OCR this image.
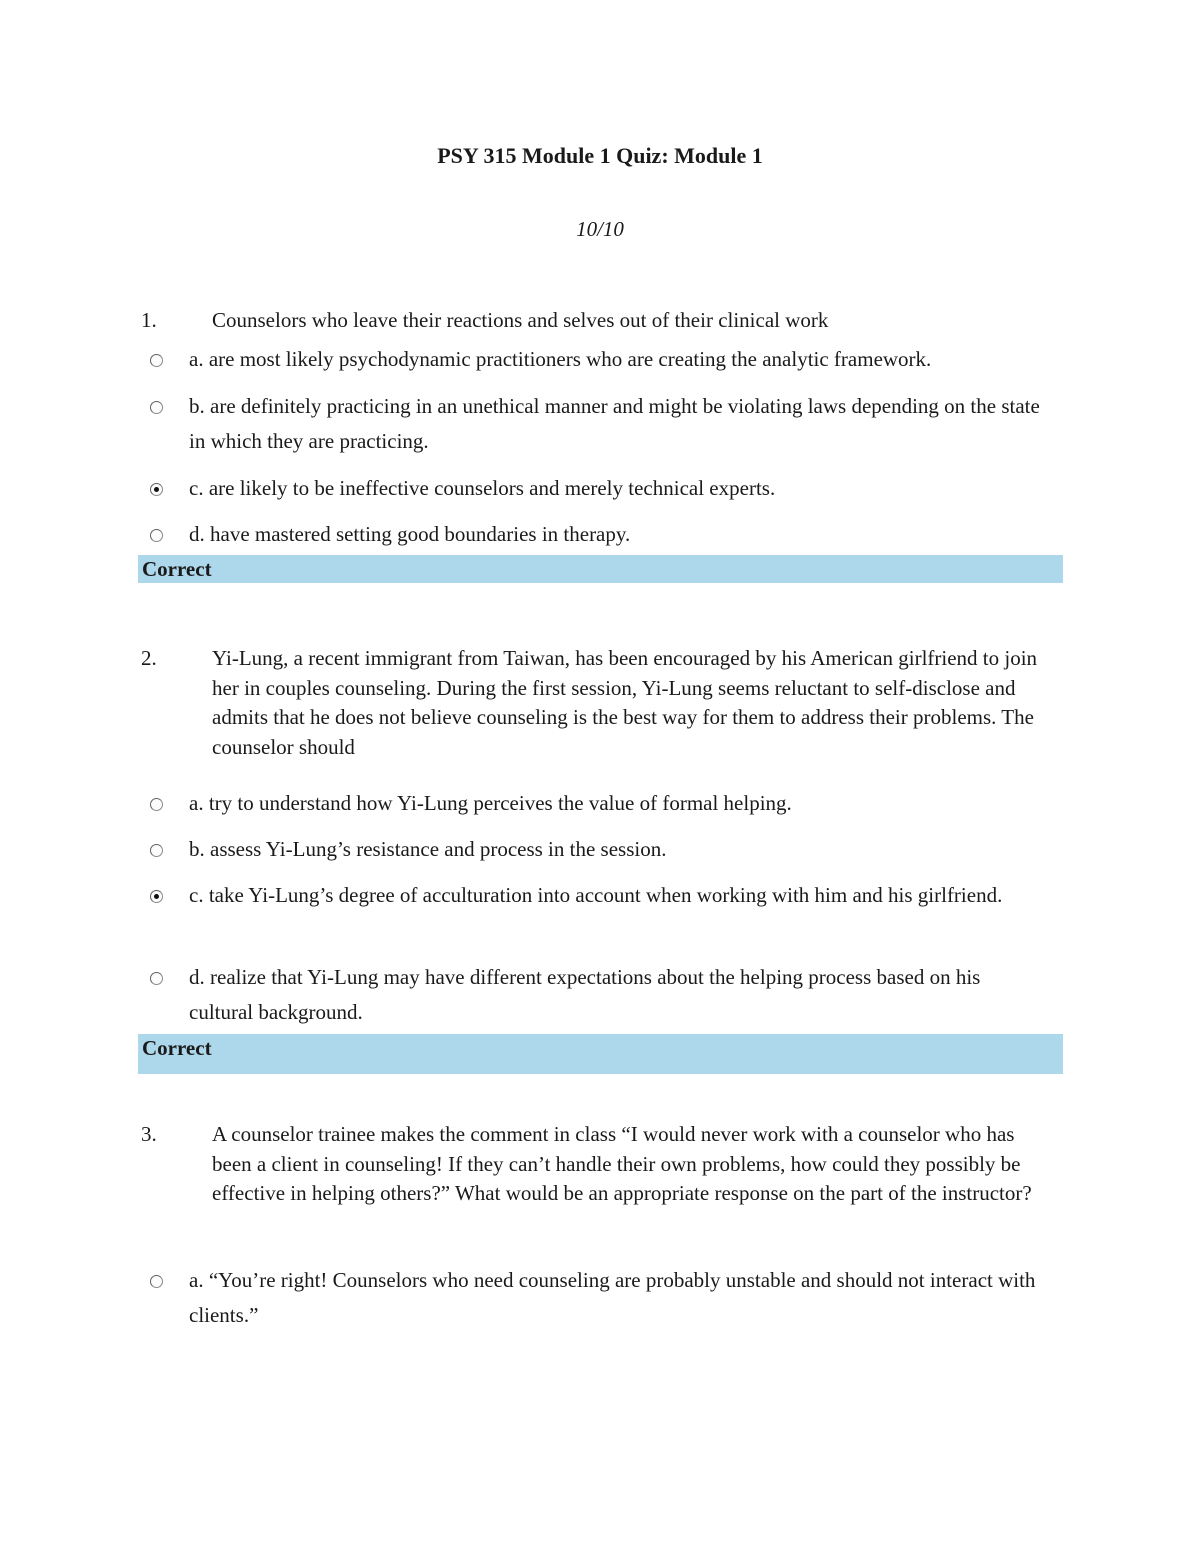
PSY 315 Module 1 Quiz: Module 1
10/10
1.	Counselors who leave their reactions and selves out of their clinical work
a. are most likely psychodynamic practitioners who are creating the analytic framework.
b. are definitely practicing in an unethical manner and might be violating laws depending on the state in which they are practicing.
c. are likely to be ineffective counselors and merely technical experts.
d. have mastered setting good boundaries in therapy.
Correct
2.	Yi-Lung, a recent immigrant from Taiwan, has been encouraged by his American girlfriend to join her in couples counseling. During the first session, Yi-Lung seems reluctant to self-disclose and admits that he does not believe counseling is the best way for them to address their problems. The counselor should
a. try to understand how Yi-Lung perceives the value of formal helping.
b. assess Yi-Lung’s resistance and process in the session.
c. take Yi-Lung’s degree of acculturation into account when working with him and his girlfriend.
d. realize that Yi-Lung may have different expectations about the helping process based on his cultural background.
Correct
3.	A counselor trainee makes the comment in class “I would never work with a counselor who has been a client in counseling! If they can’t handle their own problems, how could they possibly be effective in helping others?” What would be an appropriate response on the part of the instructor?
a. “You’re right! Counselors who need counseling are probably unstable and should not interact with clients.”
